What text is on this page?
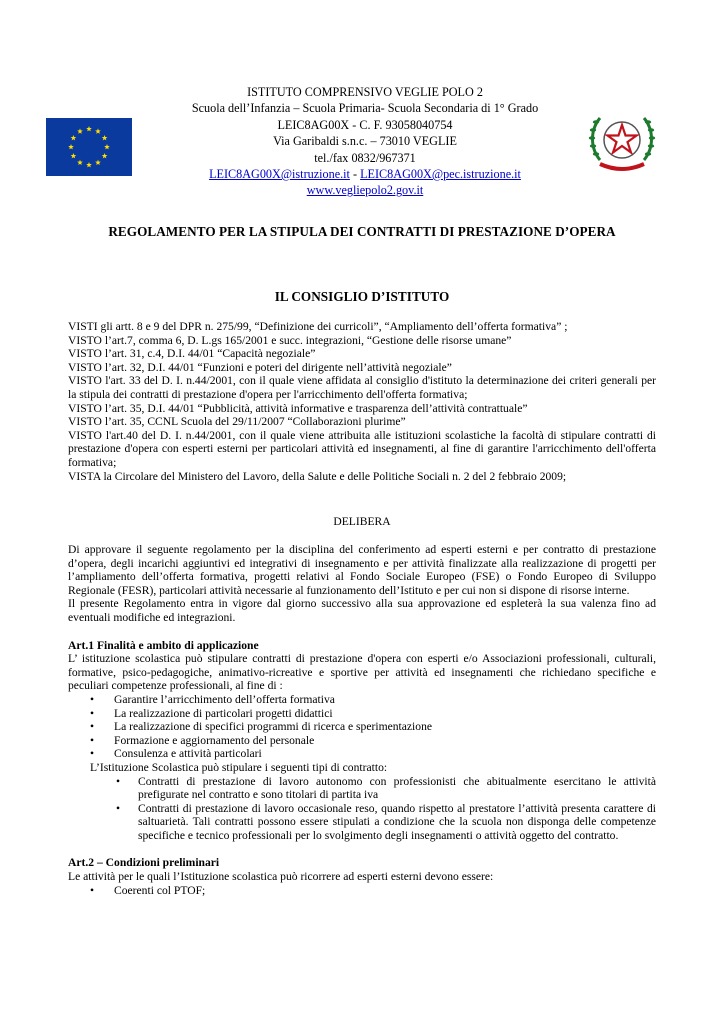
ISTITUTO COMPRENSIVO VEGLIE POLO 2
Scuola dell’Infanzia – Scuola Primaria- Scuola Secondaria di 1° Grado
LEIC8AG00X - C. F. 93058040754
Via Garibaldi s.n.c. – 73010 VEGLIE
tel./fax 0832/967371
LEIC8AG00X@istruzione.it - LEIC8AG00X@pec.istruzione.it
www.vegliepolo2.gov.it
REGOLAMENTO PER LA STIPULA DEI CONTRATTI DI PRESTAZIONE D’OPERA
IL CONSIGLIO D’ISTITUTO

VISTI gli artt. 8 e 9 del DPR n. 275/99, “Definizione dei curricoli”, “Ampliamento dell’offerta formativa” ;

VISTO l’art.7, comma 6, D. L.gs 165/2001 e succ. integrazioni, “Gestione delle risorse umane”

VISTO l’art. 31, c.4, D.I. 44/01 “Capacità negoziale”

VISTO l’art. 32, D.I. 44/01 “Funzioni e poteri del dirigente nell’attività negoziale”

VISTO l'art. 33 del D. I. n.44/2001, con il quale viene affidata al consiglio d'istituto la determinazione dei criteri generali per la stipula dei contratti di prestazione d'opera per l'arricchimento dell'offerta formativa;

VISTO l’art. 35, D.I. 44/01 “Pubblicità, attività informative e trasparenza dell’attività contrattuale”

VISTO l’art. 35, CCNL Scuola del 29/11/2007 “Collaborazioni plurime”

VISTO l'art.40 del D. I. n.44/2001, con il quale viene attribuita alle istituzioni scolastiche la facoltà di stipulare contratti di prestazione d'opera con esperti esterni per particolari attività ed insegnamenti, al fine di garantire l'arricchimento dell'offerta formativa;

VISTA la Circolare del Ministero del Lavoro, della Salute e delle Politiche Sociali n. 2 del 2 febbraio 2009;

DELIBERA

Di approvare il seguente regolamento per la disciplina del conferimento ad esperti esterni e per contratto di prestazione d’opera, degli incarichi aggiuntivi ed integrativi di insegnamento e per attività finalizzate alla realizzazione di progetti per l’ampliamento dell’offerta formativa, progetti relativi al Fondo Sociale Europeo (FSE) o Fondo Europeo di Sviluppo Regionale (FESR), particolari attività necessarie al funzionamento dell’Istituto e per cui non si dispone di risorse interne.

Il presente Regolamento entra in vigore dal giorno successivo alla sua approvazione ed espleterà la sua valenza fino ad eventuali modifiche ed integrazioni.

Art.1 Finalità e ambito di applicazione

L’ istituzione scolastica può stipulare contratti di prestazione d'opera con esperti e/o Associazioni professionali, culturali, formative, psico-pedagogiche, animativo-ricreative e sportive per attività ed insegnamenti che richiedano specifiche e peculiari competenze professionali, al fine di :

• Garantire l’arricchimento dell’offerta formativa
• La realizzazione di particolari progetti didattici
• La realizzazione di specifici programmi di ricerca e sperimentazione
• Formazione e aggiornamento del personale
• Consulenza e attività particolari

L’Istituzione Scolastica può stipulare i seguenti tipi di contratto:

• Contratti di prestazione di lavoro autonomo con professionisti che abitualmente esercitano le attività prefigurate nel contratto e sono titolari di partita iva
• Contratti di prestazione di lavoro occasionale reso, quando rispetto al prestatore l’attività presenta carattere di saltuarietà. Tali contratti possono essere stipulati a condizione che la scuola non disponga delle competenze specifiche e tecnico professionali per lo svolgimento degli insegnamenti o attività oggetto del contratto.

Art.2 – Condizioni preliminari

Le attività per le quali l’Istituzione scolastica può ricorrere ad esperti esterni devono essere:

• Coerenti col PTOF;
